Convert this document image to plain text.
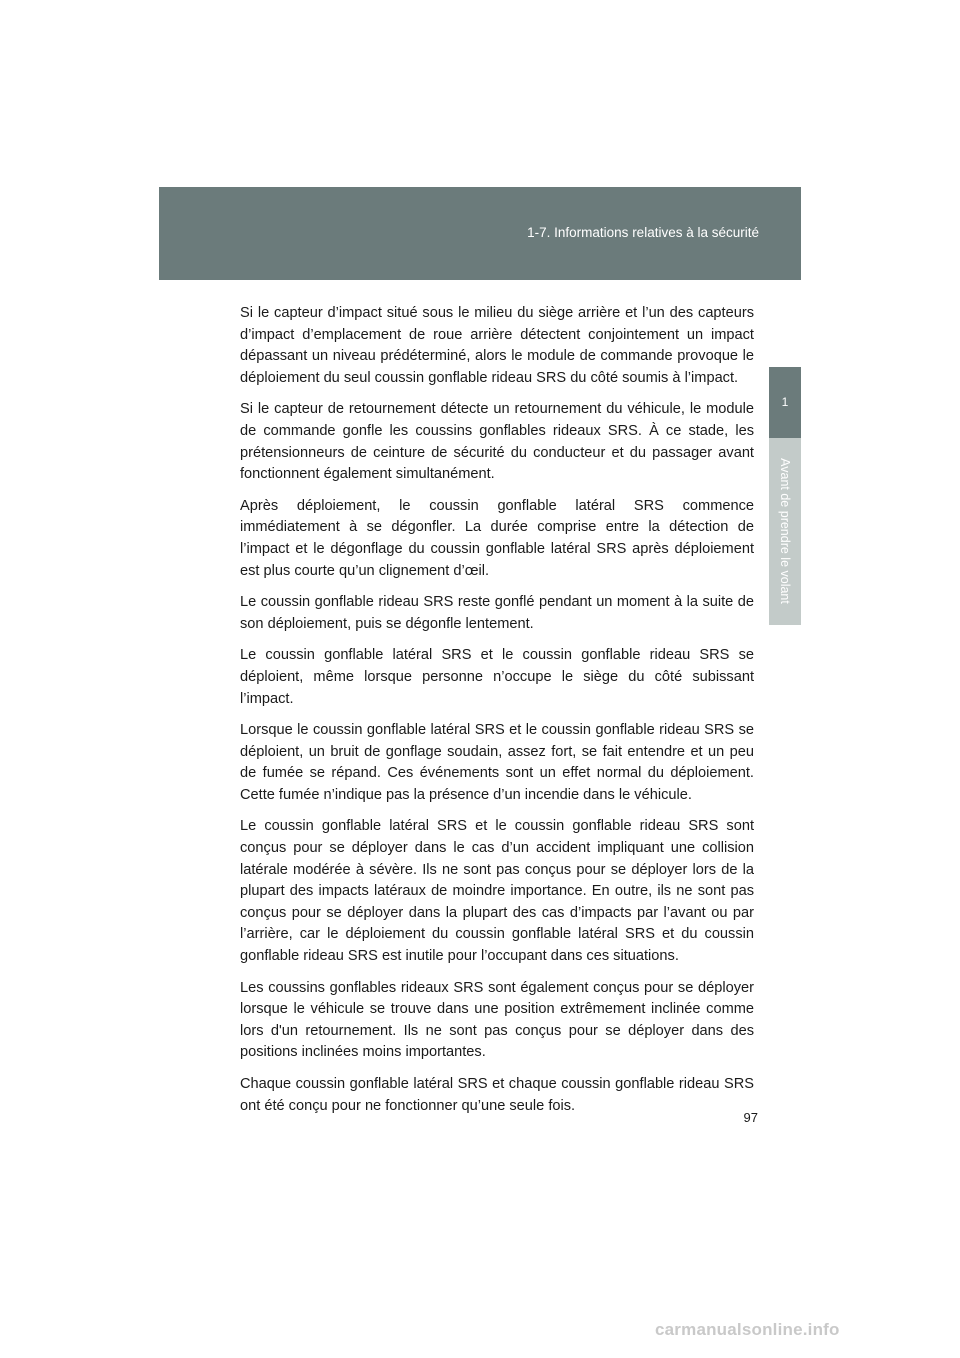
1-7. Informations relatives à la sécurité
1
Avant de prendre le volant

Si le capteur d’impact situé sous le milieu du siège arrière et l’un des capteurs d’impact d’emplacement de roue arrière détectent conjointement un impact dépassant un niveau prédéterminé, alors le module de commande provoque le déploiement du seul coussin gonflable rideau SRS du côté soumis à l’impact.

Si le capteur de retournement détecte un retournement du véhicule, le module de commande gonfle les coussins gonflables rideaux SRS. À ce stade, les prétensionneurs de ceinture de sécurité du conducteur et du passager avant fonctionnent également simultanément.

Après déploiement, le coussin gonflable latéral SRS commence immédiatement à se dégonfler. La durée comprise entre la détection de l’impact et le dégonflage du coussin gonflable latéral SRS après déploiement est plus courte qu’un clignement d’œil.

Le coussin gonflable rideau SRS reste gonflé pendant un moment à la suite de son déploiement, puis se dégonfle lentement.

Le coussin gonflable latéral SRS et le coussin gonflable rideau SRS se déploient, même lorsque personne n’occupe le siège du côté subissant l’impact.

Lorsque le coussin gonflable latéral SRS et le coussin gonflable rideau SRS se déploient, un bruit de gonflage soudain, assez fort, se fait entendre et un peu de fumée se répand. Ces événements sont un effet normal du déploiement. Cette fumée n’indique pas la présence d’un incendie dans le véhicule.

Le coussin gonflable latéral SRS et le coussin gonflable rideau SRS sont conçus pour se déployer dans le cas d’un accident impliquant une collision latérale modérée à sévère. Ils ne sont pas conçus pour se déployer lors de la plupart des impacts latéraux de moindre importance. En outre, ils ne sont pas conçus pour se déployer dans la plupart des cas d’impacts par l’avant ou par l’arrière, car le déploiement du coussin gonflable latéral SRS et du coussin gonflable rideau SRS est inutile pour l’occupant dans ces situations.

Les coussins gonflables rideaux SRS sont également conçus pour se déployer lorsque le véhicule se trouve dans une position extrêmement inclinée comme lors d'un retournement. Ils ne sont pas conçus pour se déployer dans des positions inclinées moins importantes.

Chaque coussin gonflable latéral SRS et chaque coussin gonflable rideau SRS ont été conçu pour ne fonctionner qu’une seule fois.

97
carmanualsonline.info
